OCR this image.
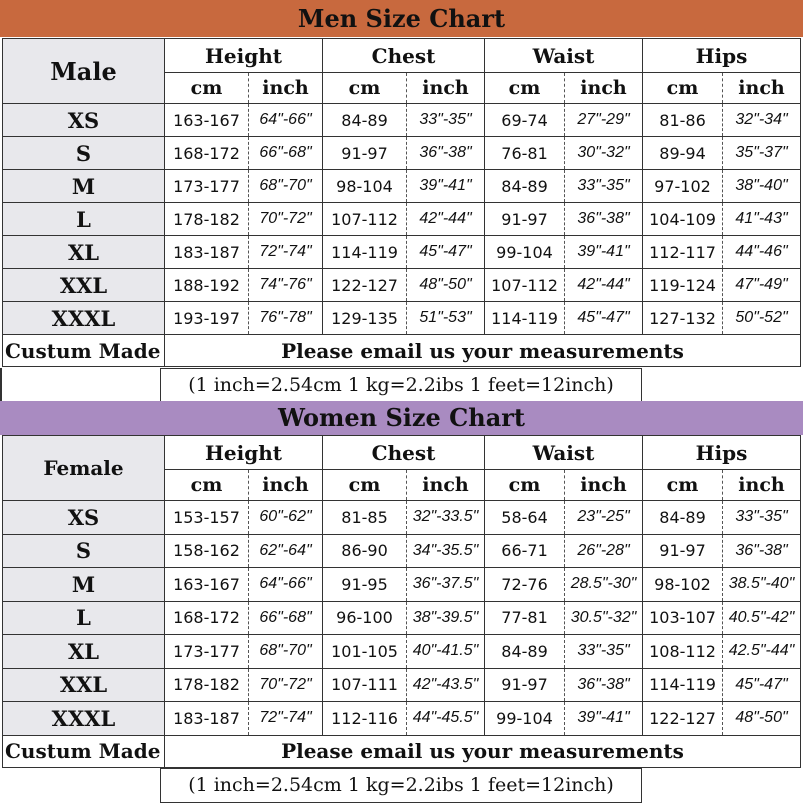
Men Size Chart
Male	Height		Chest		Waist		Hips	
	cm	inch	cm	inch	cm	inch	cm	inch
XS	163-167	64"-66"	84-89	33"-35"	69-74	27"-29"	81-86	32"-34"
S	168-172	66"-68"	91-97	36"-38"	76-81	30"-32"	89-94	35"-37"
M	173-177	68"-70"	98-104	39"-41"	84-89	33"-35"	97-102	38"-40"
L	178-182	70"-72"	107-112	42"-44"	91-97	36"-38"	104-109	41"-43"
XL	183-187	72"-74"	114-119	45"-47"	99-104	39"-41"	112-117	44"-46"
XXL	188-192	74"-76"	122-127	48"-50"	107-112	42"-44"	119-124	47"-49"
XXXL	193-197	76"-78"	129-135	51"-53"	114-119	45"-47"	127-132	50"-52"
Custum Made	Please email us your measurements							
(1 inch=2.54cm 1 kg=2.2ibs 1 feet=12inch)
Women Size Chart
Female	Height		Chest		Waist		Hips	
	cm	inch	cm	inch	cm	inch	cm	inch
XS	153-157	60"-62"	81-85	32"-33.5"	58-64	23"-25"	84-89	33"-35"
S	158-162	62"-64"	86-90	34"-35.5"	66-71	26"-28"	91-97	36"-38"
M	163-167	64"-66"	91-95	36"-37.5"	72-76	28.5"-30"	98-102	38.5"-40"
L	168-172	66"-68"	96-100	38"-39.5"	77-81	30.5"-32"	103-107	40.5"-42"
XL	173-177	68"-70"	101-105	40"-41.5"	84-89	33"-35"	108-112	42.5"-44"
XXL	178-182	70"-72"	107-111	42"-43.5"	91-97	36"-38"	114-119	45"-47"
XXXL	183-187	72"-74"	112-116	44"-45.5"	99-104	39"-41"	122-127	48"-50"
Custum Made	Please email us your measurements							
(1 inch=2.54cm 1 kg=2.2ibs 1 feet=12inch)
